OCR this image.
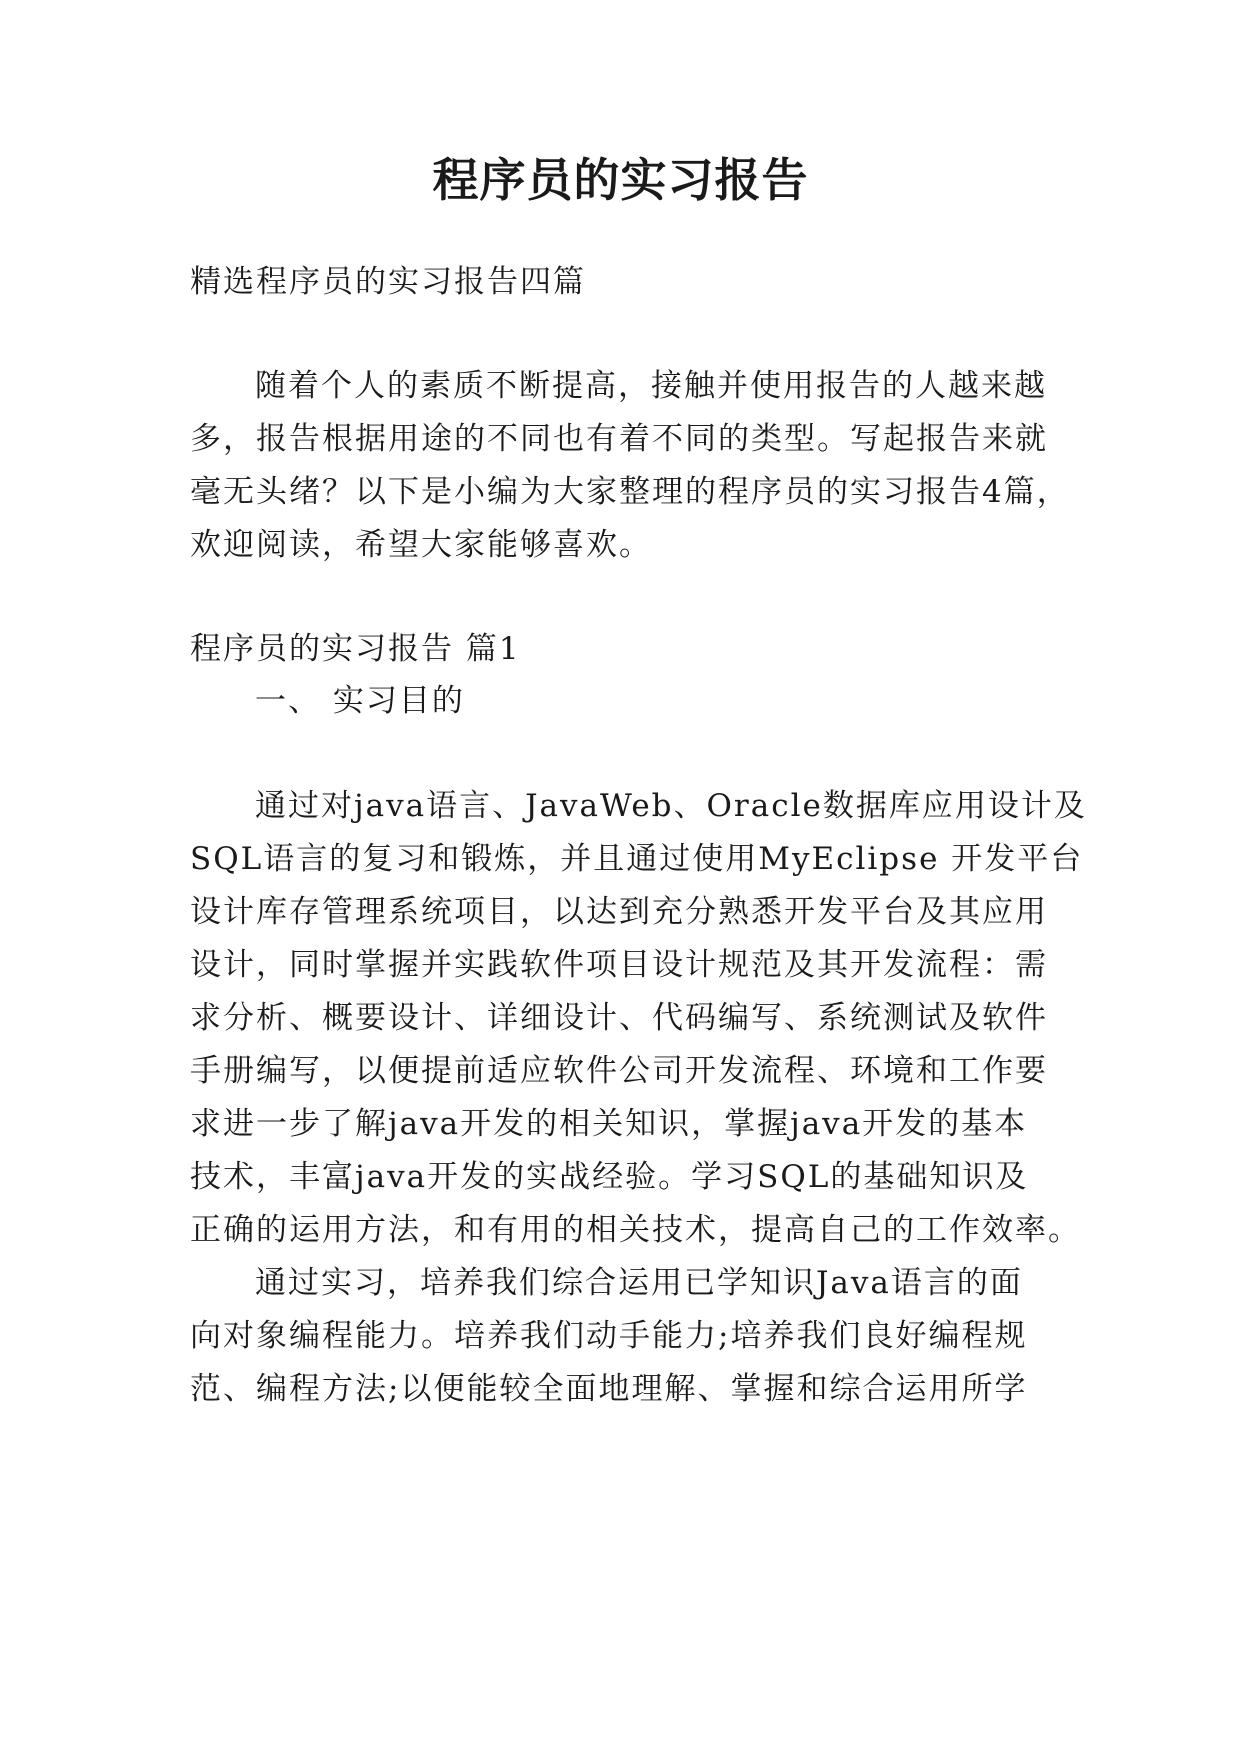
程序员的实习报告

精选程序员的实习报告四篇

随着个人的素质不断提高，接触并使用报告的人越来越

多，报告根据用途的不同也有着不同的类型。写起报告来就

毫无头绪？以下是小编为大家整理的程序员的实习报告4篇，

欢迎阅读，希望大家能够喜欢。

程序员的实习报告 篇1

一、 实习目的

通过对java语言、JavaWeb、Oracle数据库应用设计及

SQL语言的复习和锻炼，并且通过使用MyEclipse 开发平台

设计库存管理系统项目，以达到充分熟悉开发平台及其应用

设计，同时掌握并实践软件项目设计规范及其开发流程：需

求分析、概要设计、详细设计、代码编写、系统测试及软件

手册编写，以便提前适应软件公司开发流程、环境和工作要

求进一步了解java开发的相关知识，掌握java开发的基本

技术，丰富java开发的实战经验。学习SQL的基础知识及

正确的运用方法，和有用的相关技术，提高自己的工作效率。

通过实习，培养我们综合运用已学知识Java语言的面

向对象编程能力。培养我们动手能力;培养我们良好编程规

范、编程方法;以便能较全面地理解、掌握和综合运用所学
